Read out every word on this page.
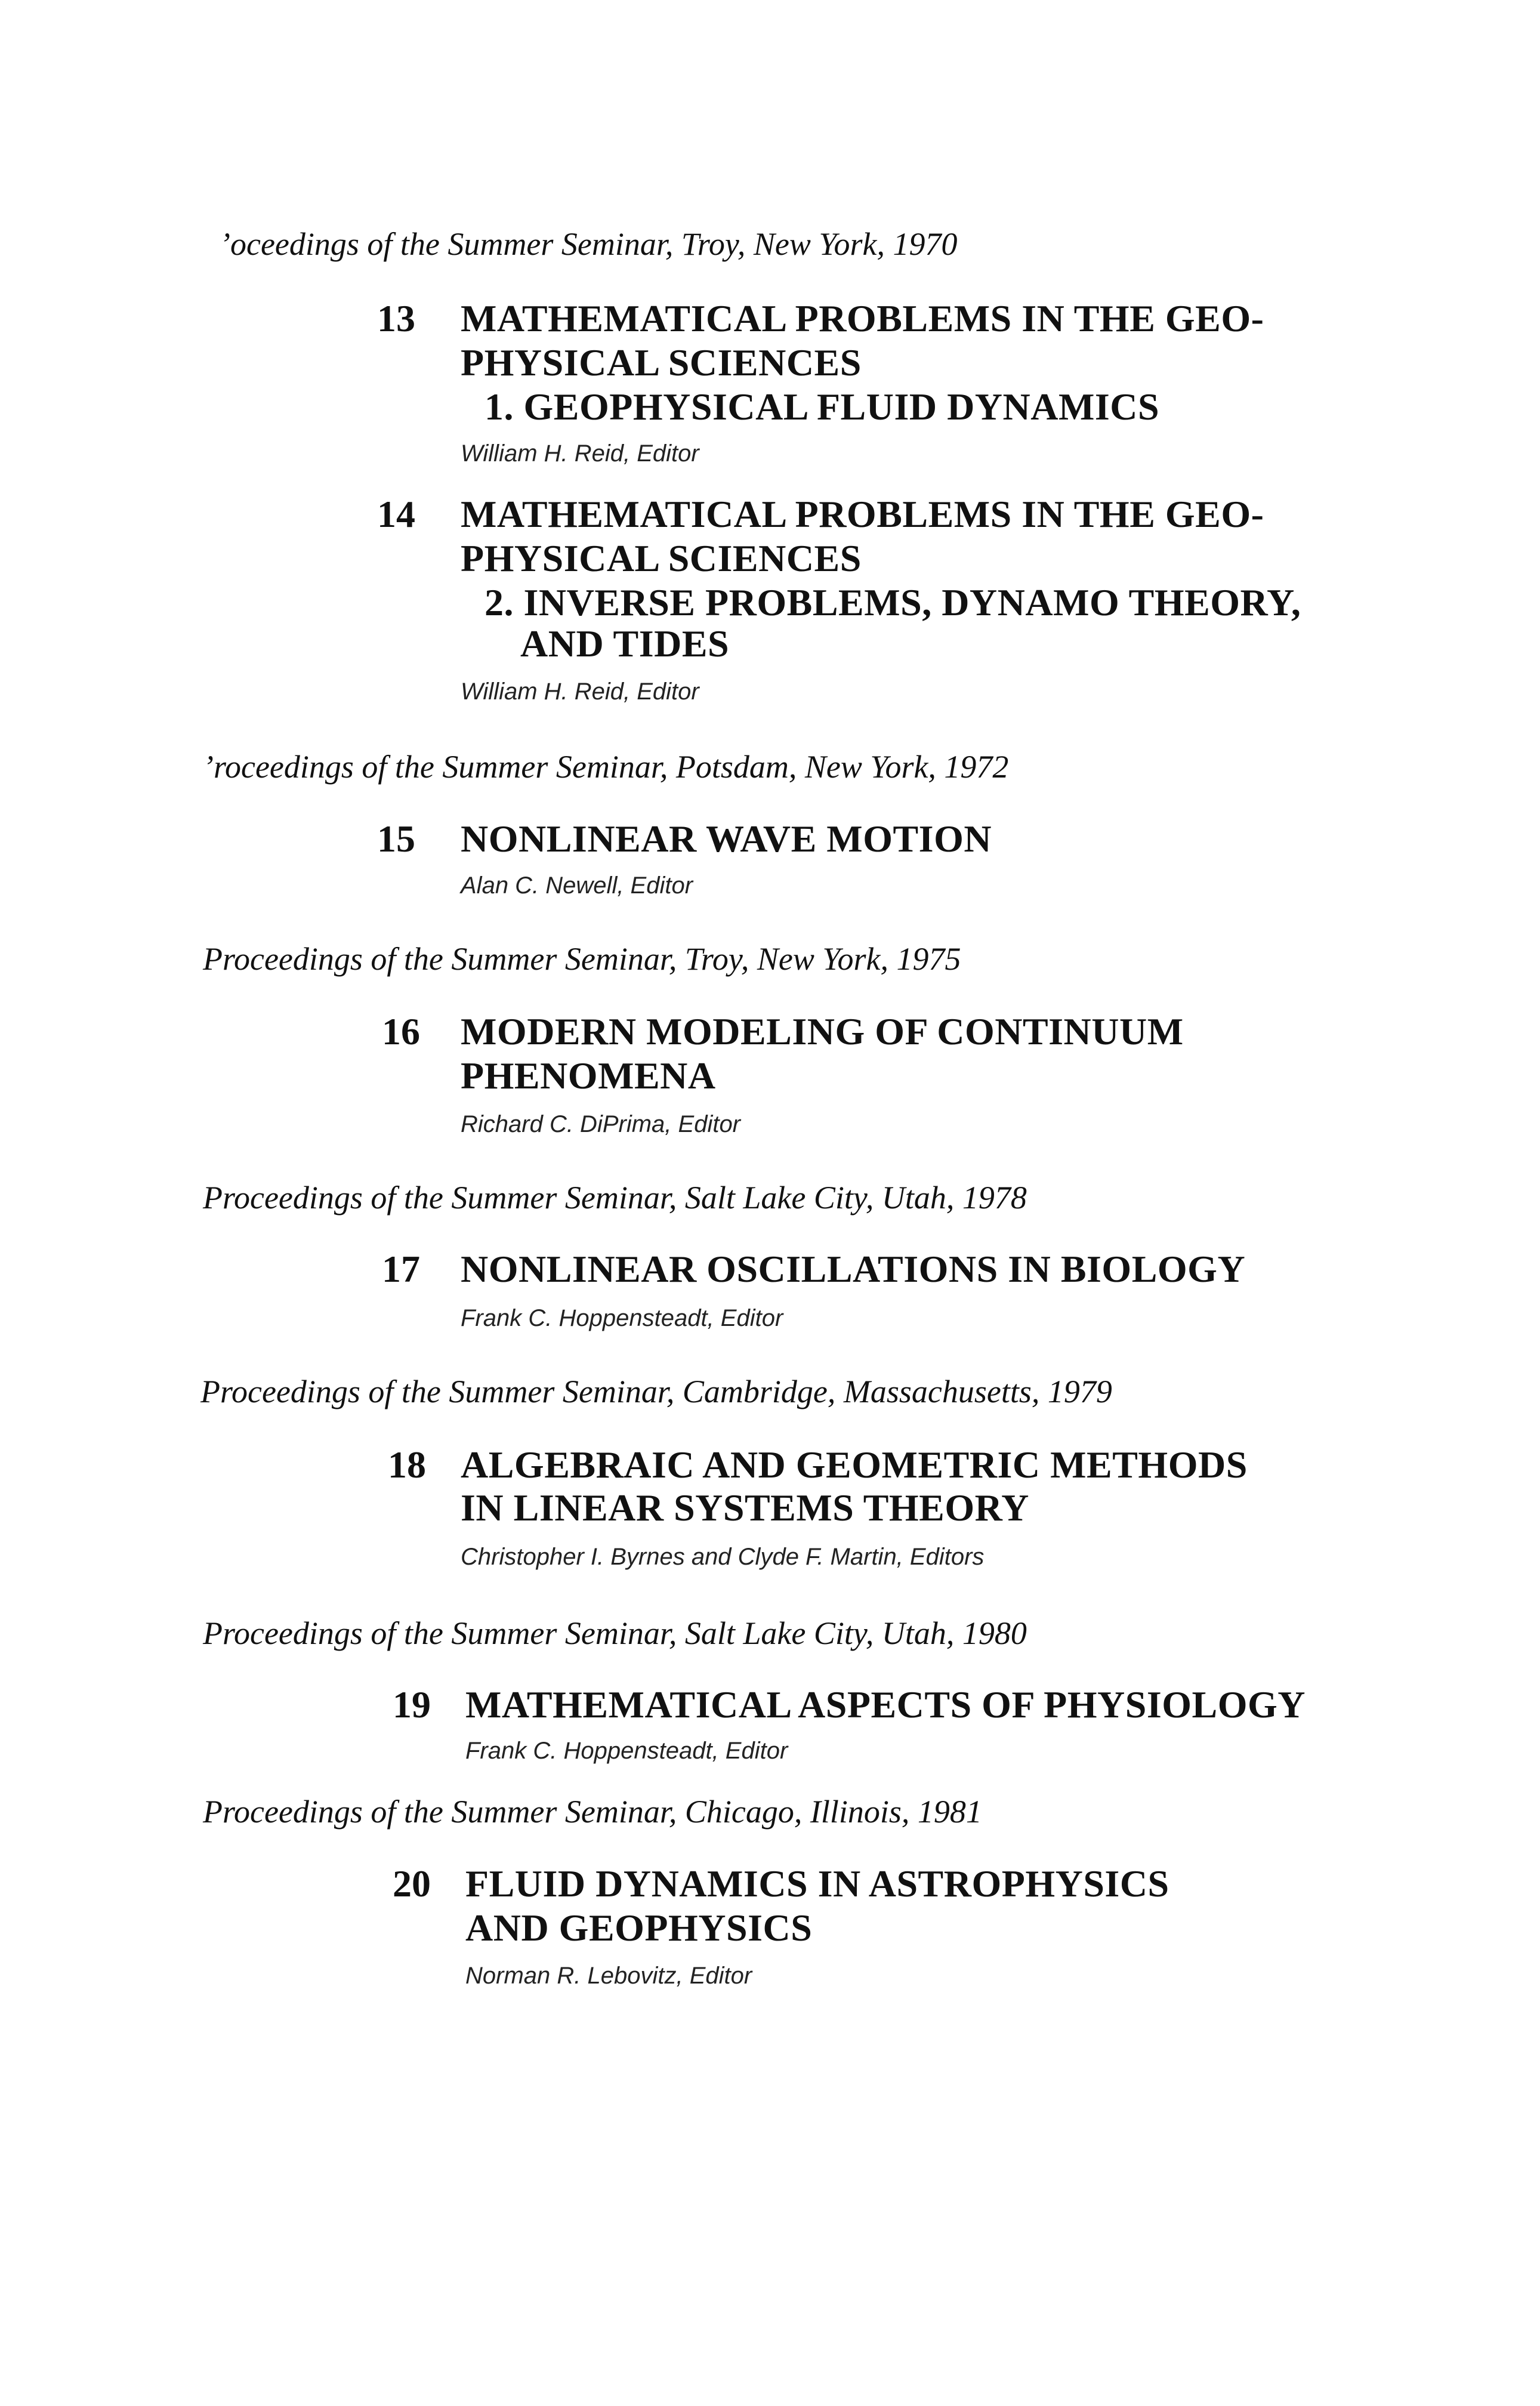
’oceedings of the Summer Seminar, Troy, New York, 1970
13 MATHEMATICAL PROBLEMS IN THE GEO-
PHYSICAL SCIENCES
1. GEOPHYSICAL FLUID DYNAMICS
William H. Reid, Editor
14 MATHEMATICAL PROBLEMS IN THE GEO-
PHYSICAL SCIENCES
2. INVERSE PROBLEMS, DYNAMO THEORY,
AND TIDES
William H. Reid, Editor
’roceedings of the Summer Seminar, Potsdam, New York, 1972
15 NONLINEAR WAVE MOTION
Alan C. Newell, Editor
Proceedings of the Summer Seminar, Troy, New York, 1975
16 MODERN MODELING OF CONTINUUM
PHENOMENA
Richard C. DiPrima, Editor
Proceedings of the Summer Seminar, Salt Lake City, Utah, 1978
17 NONLINEAR OSCILLATIONS IN BIOLOGY
Frank C. Hoppensteadt, Editor
Proceedings of the Summer Seminar, Cambridge, Massachusetts, 1979
18 ALGEBRAIC AND GEOMETRIC METHODS
IN LINEAR SYSTEMS THEORY
Christopher I. Byrnes and Clyde F. Martin, Editors
Proceedings of the Summer Seminar, Salt Lake City, Utah, 1980
19 MATHEMATICAL ASPECTS OF PHYSIOLOGY
Frank C. Hoppensteadt, Editor
Proceedings of the Summer Seminar, Chicago, Illinois, 1981
20 FLUID DYNAMICS IN ASTROPHYSICS
AND GEOPHYSICS
Norman R. Lebovitz, Editor
